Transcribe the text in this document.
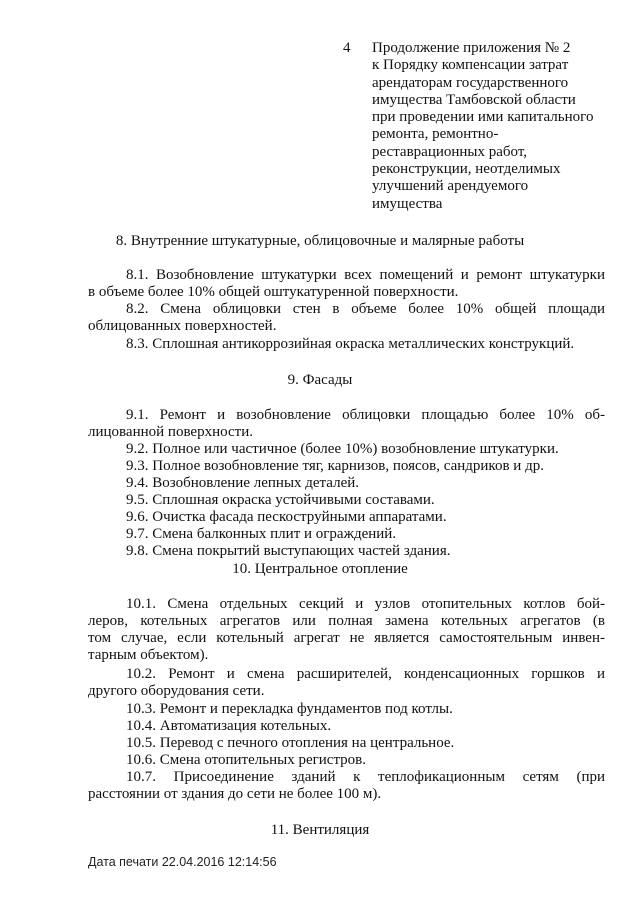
4 Продолжение приложения № 2
к Порядку компенсации затрат
арендаторам государственного
имущества Тамбовской области
при проведении ими капитального
ремонта, ремонтно-
реставрационных работ,
реконструкции, неотделимых
улучшений арендуемого
имущества
8. Внутренние штукатурные, облицовочные и малярные работы
8.1. Возобновление штукатурки всех помещений и ремонт штукатурки
в объеме более 10% общей оштукатуренной поверхности.
8.2. Смена облицовки стен в объеме более 10% общей площади
облицованных поверхностей.
8.3. Сплошная антикоррозийная окраска металлических конструкций.
9. Фасады
9.1. Ремонт и возобновление облицовки площадью более 10% об-
лицованной поверхности.
9.2. Полное или частичное (более 10%) возобновление штукатурки.
9.3. Полное возобновление тяг, карнизов, поясов, сандриков и др.
9.4. Возобновление лепных деталей.
9.5. Сплошная окраска устойчивыми составами.
9.6. Очистка фасада пескоструйными аппаратами.
9.7. Смена балконных плит и ограждений.
9.8. Смена покрытий выступающих частей здания.
10. Центральное отопление
10.1. Смена отдельных секций и узлов отопительных котлов бой-
леров, котельных агрегатов или полная замена котельных агрегатов (в
том случае, если котельный агрегат не является самостоятельным инвен-
тарным объектом).
10.2. Ремонт и смена расширителей, конденсационных горшков и
другого оборудования сети.
10.3. Ремонт и перекладка фундаментов под котлы.
10.4. Автоматизация котельных.
10.5. Перевод с печного отопления на центральное.
10.6. Смена отопительных регистров.
10.7. Присоединение зданий к теплофикационным сетям (при
расстоянии от здания до сети не более 100 м).
11. Вентиляция
Дата печати 22.04.2016 12:14:56
